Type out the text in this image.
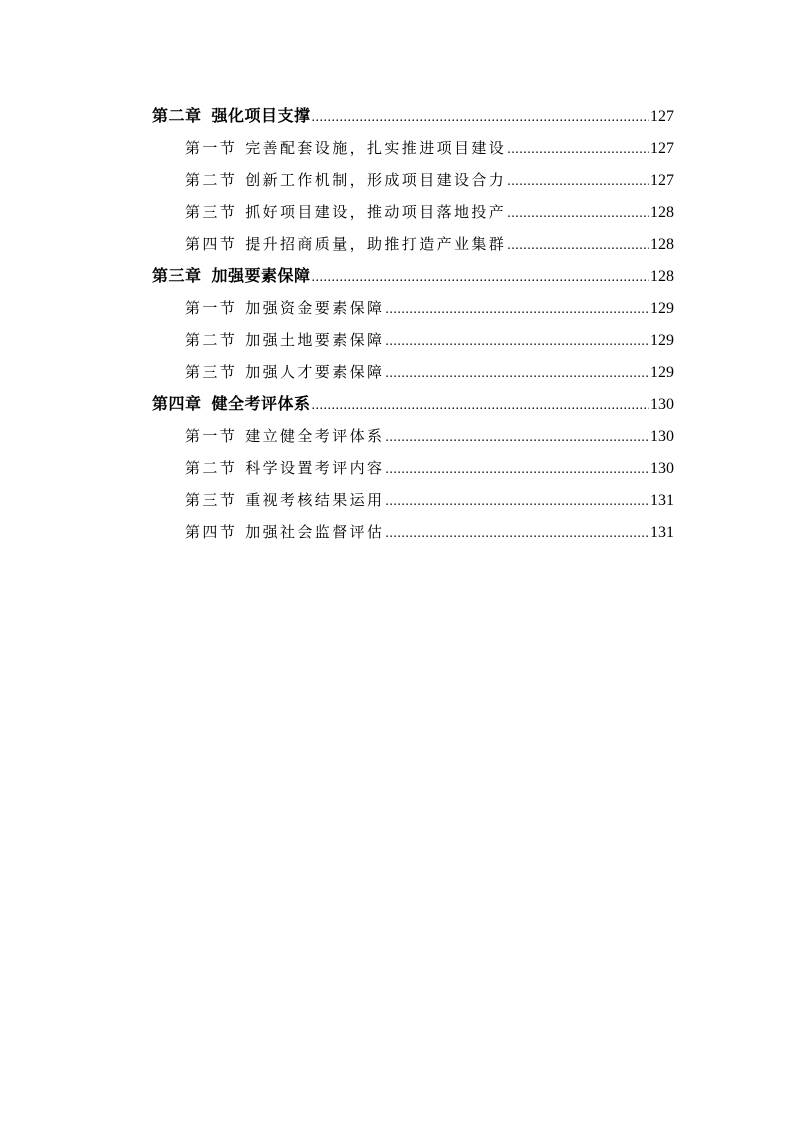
第二章 强化项目支撑 .....	127
第一节 完善配套设施，扎实推进项目建设 .....	127
第二节 创新工作机制，形成项目建设合力 .....	127
第三节 抓好项目建设，推动项目落地投产 .....	128
第四节 提升招商质量，助推打造产业集群 .....	128
第三章 加强要素保障 .....	128
第一节 加强资金要素保障 .....	129
第二节 加强土地要素保障 .....	129
第三节 加强人才要素保障 .....	129
第四章 健全考评体系 .....	130
第一节 建立健全考评体系 .....	130
第二节 科学设置考评内容 .....	130
第三节 重视考核结果运用 .....	131
第四节 加强社会监督评估 .....	131
